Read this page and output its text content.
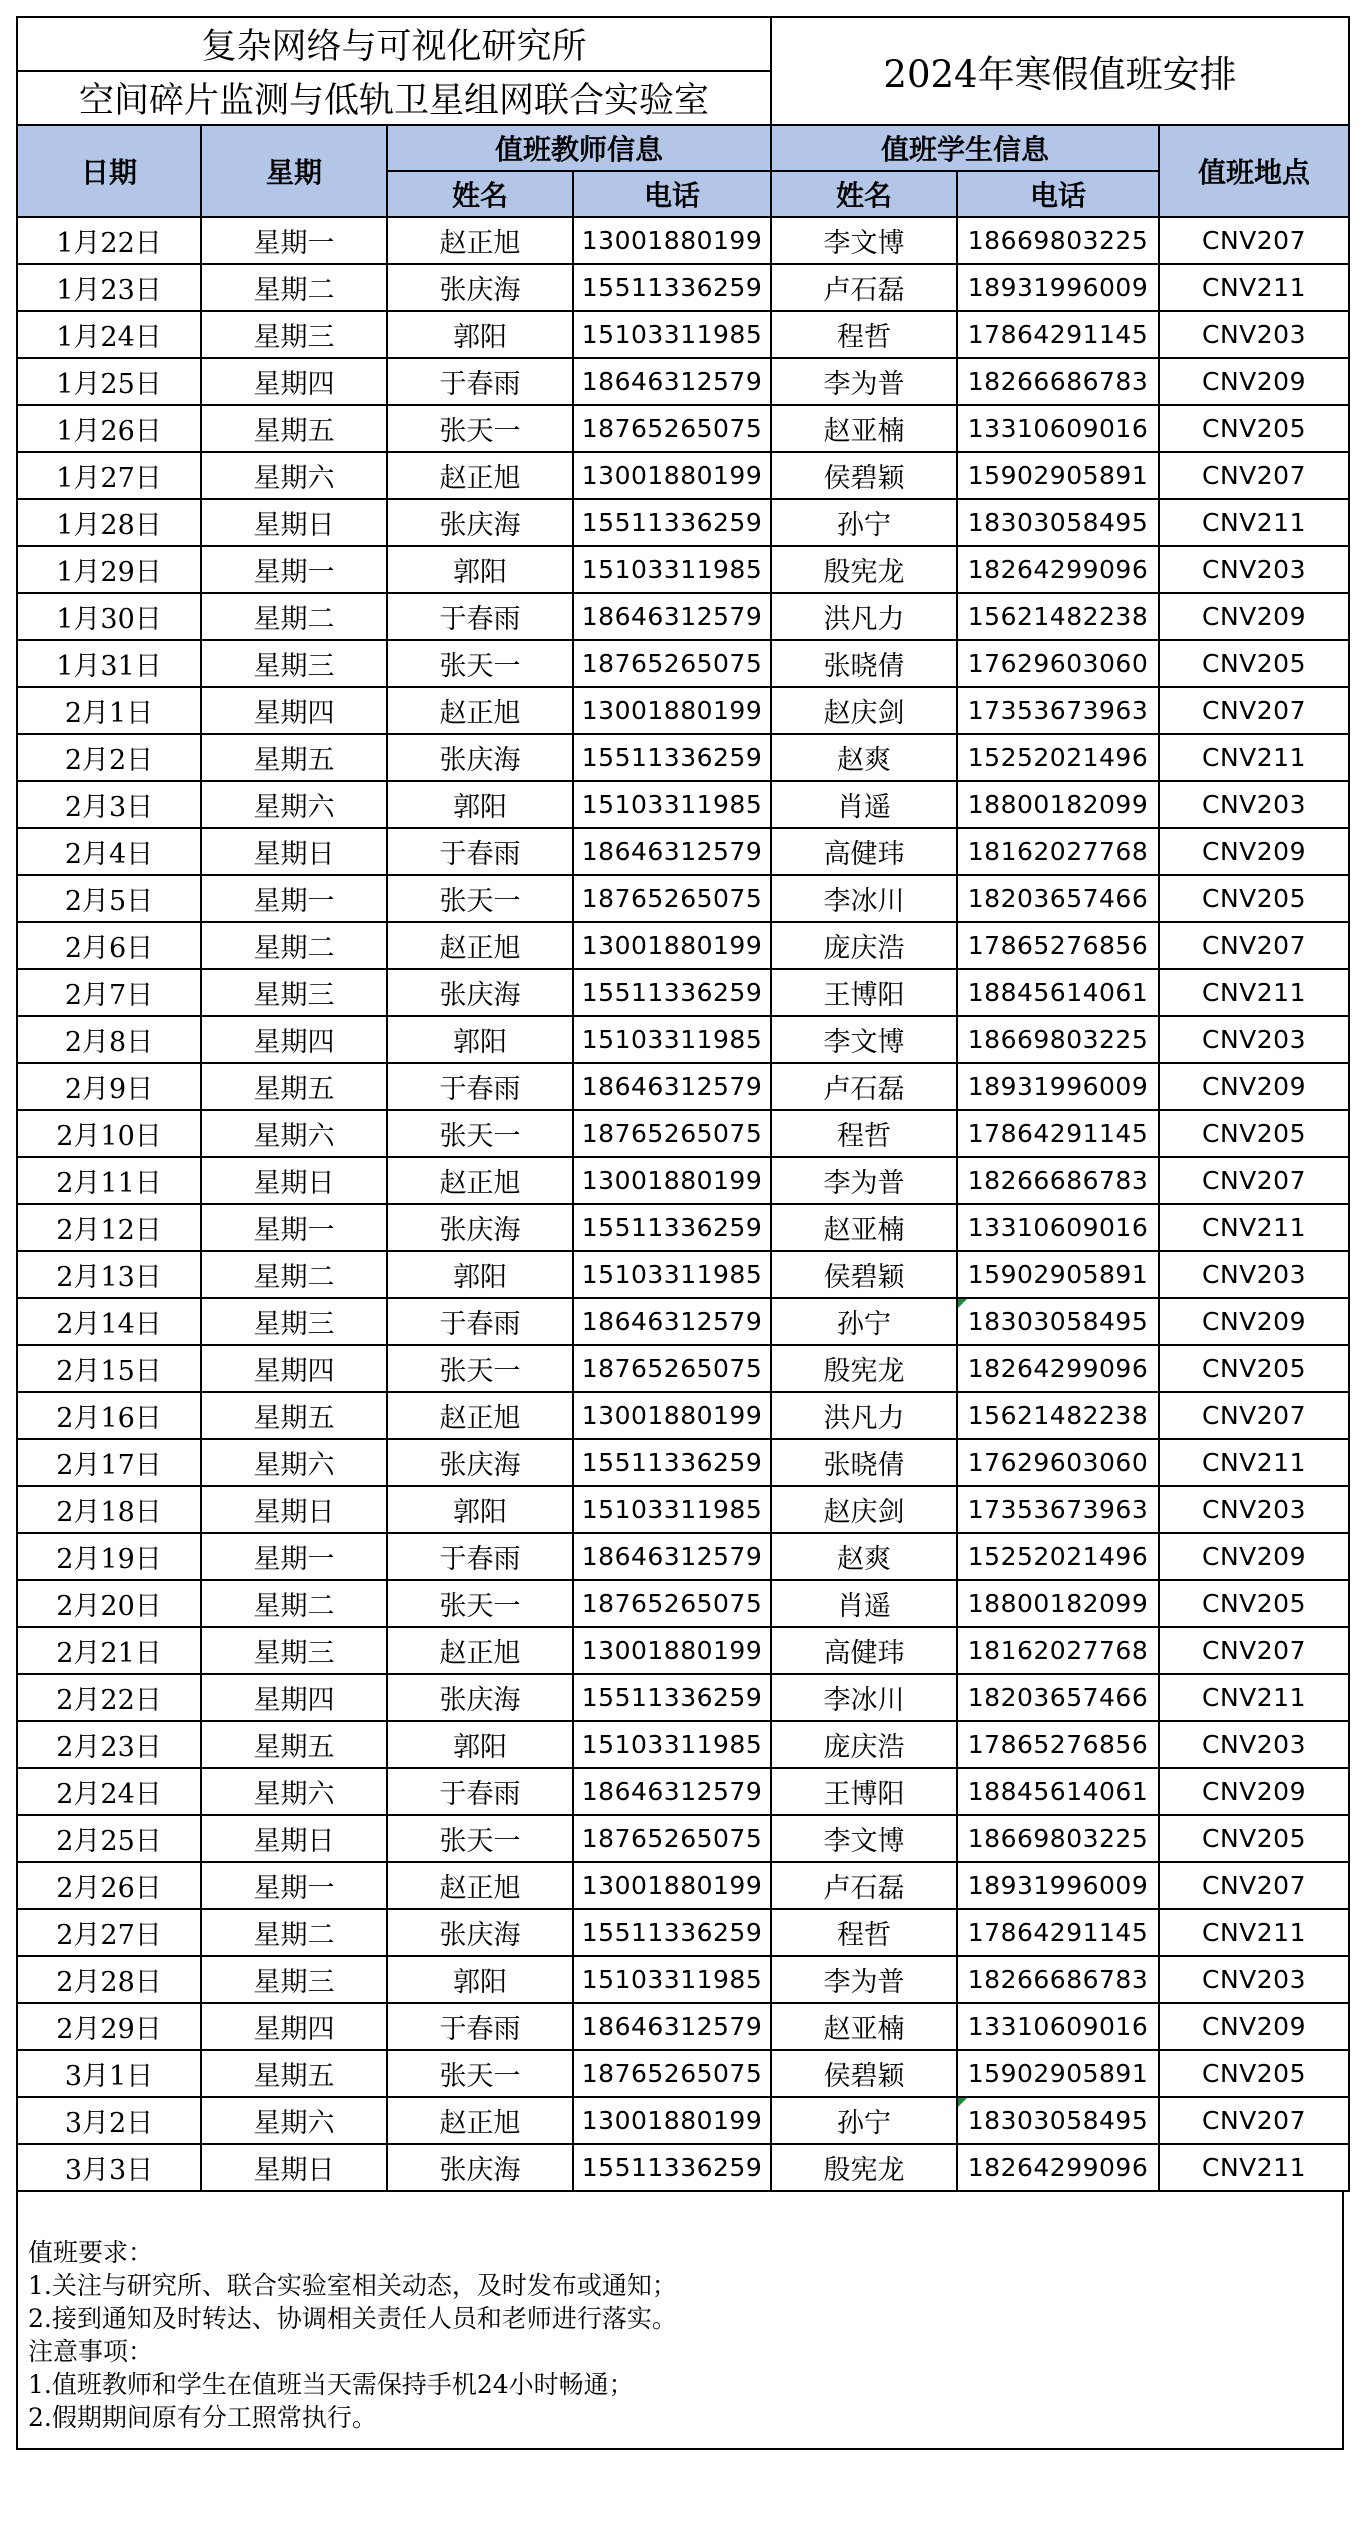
复杂网络与可视化研究所				2024年寒假值班安排		
空间碎片监测与低轨卫星组网联合实验室						
日期	星期	值班教师信息		值班学生信息		值班地点
		姓名	电话	姓名	电话	
1月22日	星期一	赵正旭	13001880199	李文博	18669803225	CNV207
1月23日	星期二	张庆海	15511336259	卢石磊	18931996009	CNV211
1月24日	星期三	郭阳	15103311985	程哲	17864291145	CNV203
1月25日	星期四	于春雨	18646312579	李为普	18266686783	CNV209
1月26日	星期五	张天一	18765265075	赵亚楠	13310609016	CNV205
1月27日	星期六	赵正旭	13001880199	侯碧颖	15902905891	CNV207
1月28日	星期日	张庆海	15511336259	孙宁	18303058495	CNV211
1月29日	星期一	郭阳	15103311985	殷宪龙	18264299096	CNV203
1月30日	星期二	于春雨	18646312579	洪凡力	15621482238	CNV209
1月31日	星期三	张天一	18765265075	张晓倩	17629603060	CNV205
2月1日	星期四	赵正旭	13001880199	赵庆剑	17353673963	CNV207
2月2日	星期五	张庆海	15511336259	赵爽	15252021496	CNV211
2月3日	星期六	郭阳	15103311985	肖遥	18800182099	CNV203
2月4日	星期日	于春雨	18646312579	高健玮	18162027768	CNV209
2月5日	星期一	张天一	18765265075	李冰川	18203657466	CNV205
2月6日	星期二	赵正旭	13001880199	庞庆浩	17865276856	CNV207
2月7日	星期三	张庆海	15511336259	王博阳	18845614061	CNV211
2月8日	星期四	郭阳	15103311985	李文博	18669803225	CNV203
2月9日	星期五	于春雨	18646312579	卢石磊	18931996009	CNV209
2月10日	星期六	张天一	18765265075	程哲	17864291145	CNV205
2月11日	星期日	赵正旭	13001880199	李为普	18266686783	CNV207
2月12日	星期一	张庆海	15511336259	赵亚楠	13310609016	CNV211
2月13日	星期二	郭阳	15103311985	侯碧颖	15902905891	CNV203
2月14日	星期三	于春雨	18646312579	孙宁	18303058495	CNV209
2月15日	星期四	张天一	18765265075	殷宪龙	18264299096	CNV205
2月16日	星期五	赵正旭	13001880199	洪凡力	15621482238	CNV207
2月17日	星期六	张庆海	15511336259	张晓倩	17629603060	CNV211
2月18日	星期日	郭阳	15103311985	赵庆剑	17353673963	CNV203
2月19日	星期一	于春雨	18646312579	赵爽	15252021496	CNV209
2月20日	星期二	张天一	18765265075	肖遥	18800182099	CNV205
2月21日	星期三	赵正旭	13001880199	高健玮	18162027768	CNV207
2月22日	星期四	张庆海	15511336259	李冰川	18203657466	CNV211
2月23日	星期五	郭阳	15103311985	庞庆浩	17865276856	CNV203
2月24日	星期六	于春雨	18646312579	王博阳	18845614061	CNV209
2月25日	星期日	张天一	18765265075	李文博	18669803225	CNV205
2月26日	星期一	赵正旭	13001880199	卢石磊	18931996009	CNV207
2月27日	星期二	张庆海	15511336259	程哲	17864291145	CNV211
2月28日	星期三	郭阳	15103311985	李为普	18266686783	CNV203
2月29日	星期四	于春雨	18646312579	赵亚楠	13310609016	CNV209
3月1日	星期五	张天一	18765265075	侯碧颖	15902905891	CNV205
3月2日	星期六	赵正旭	13001880199	孙宁	18303058495	CNV207
3月3日	星期日	张庆海	15511336259	殷宪龙	18264299096	CNV211
值班要求：
1.关注与研究所、联合实验室相关动态，及时发布或通知；
2.接到通知及时转达、协调相关责任人员和老师进行落实。
注意事项：
1.值班教师和学生在值班当天需保持手机24小时畅通；
2.假期期间原有分工照常执行。
